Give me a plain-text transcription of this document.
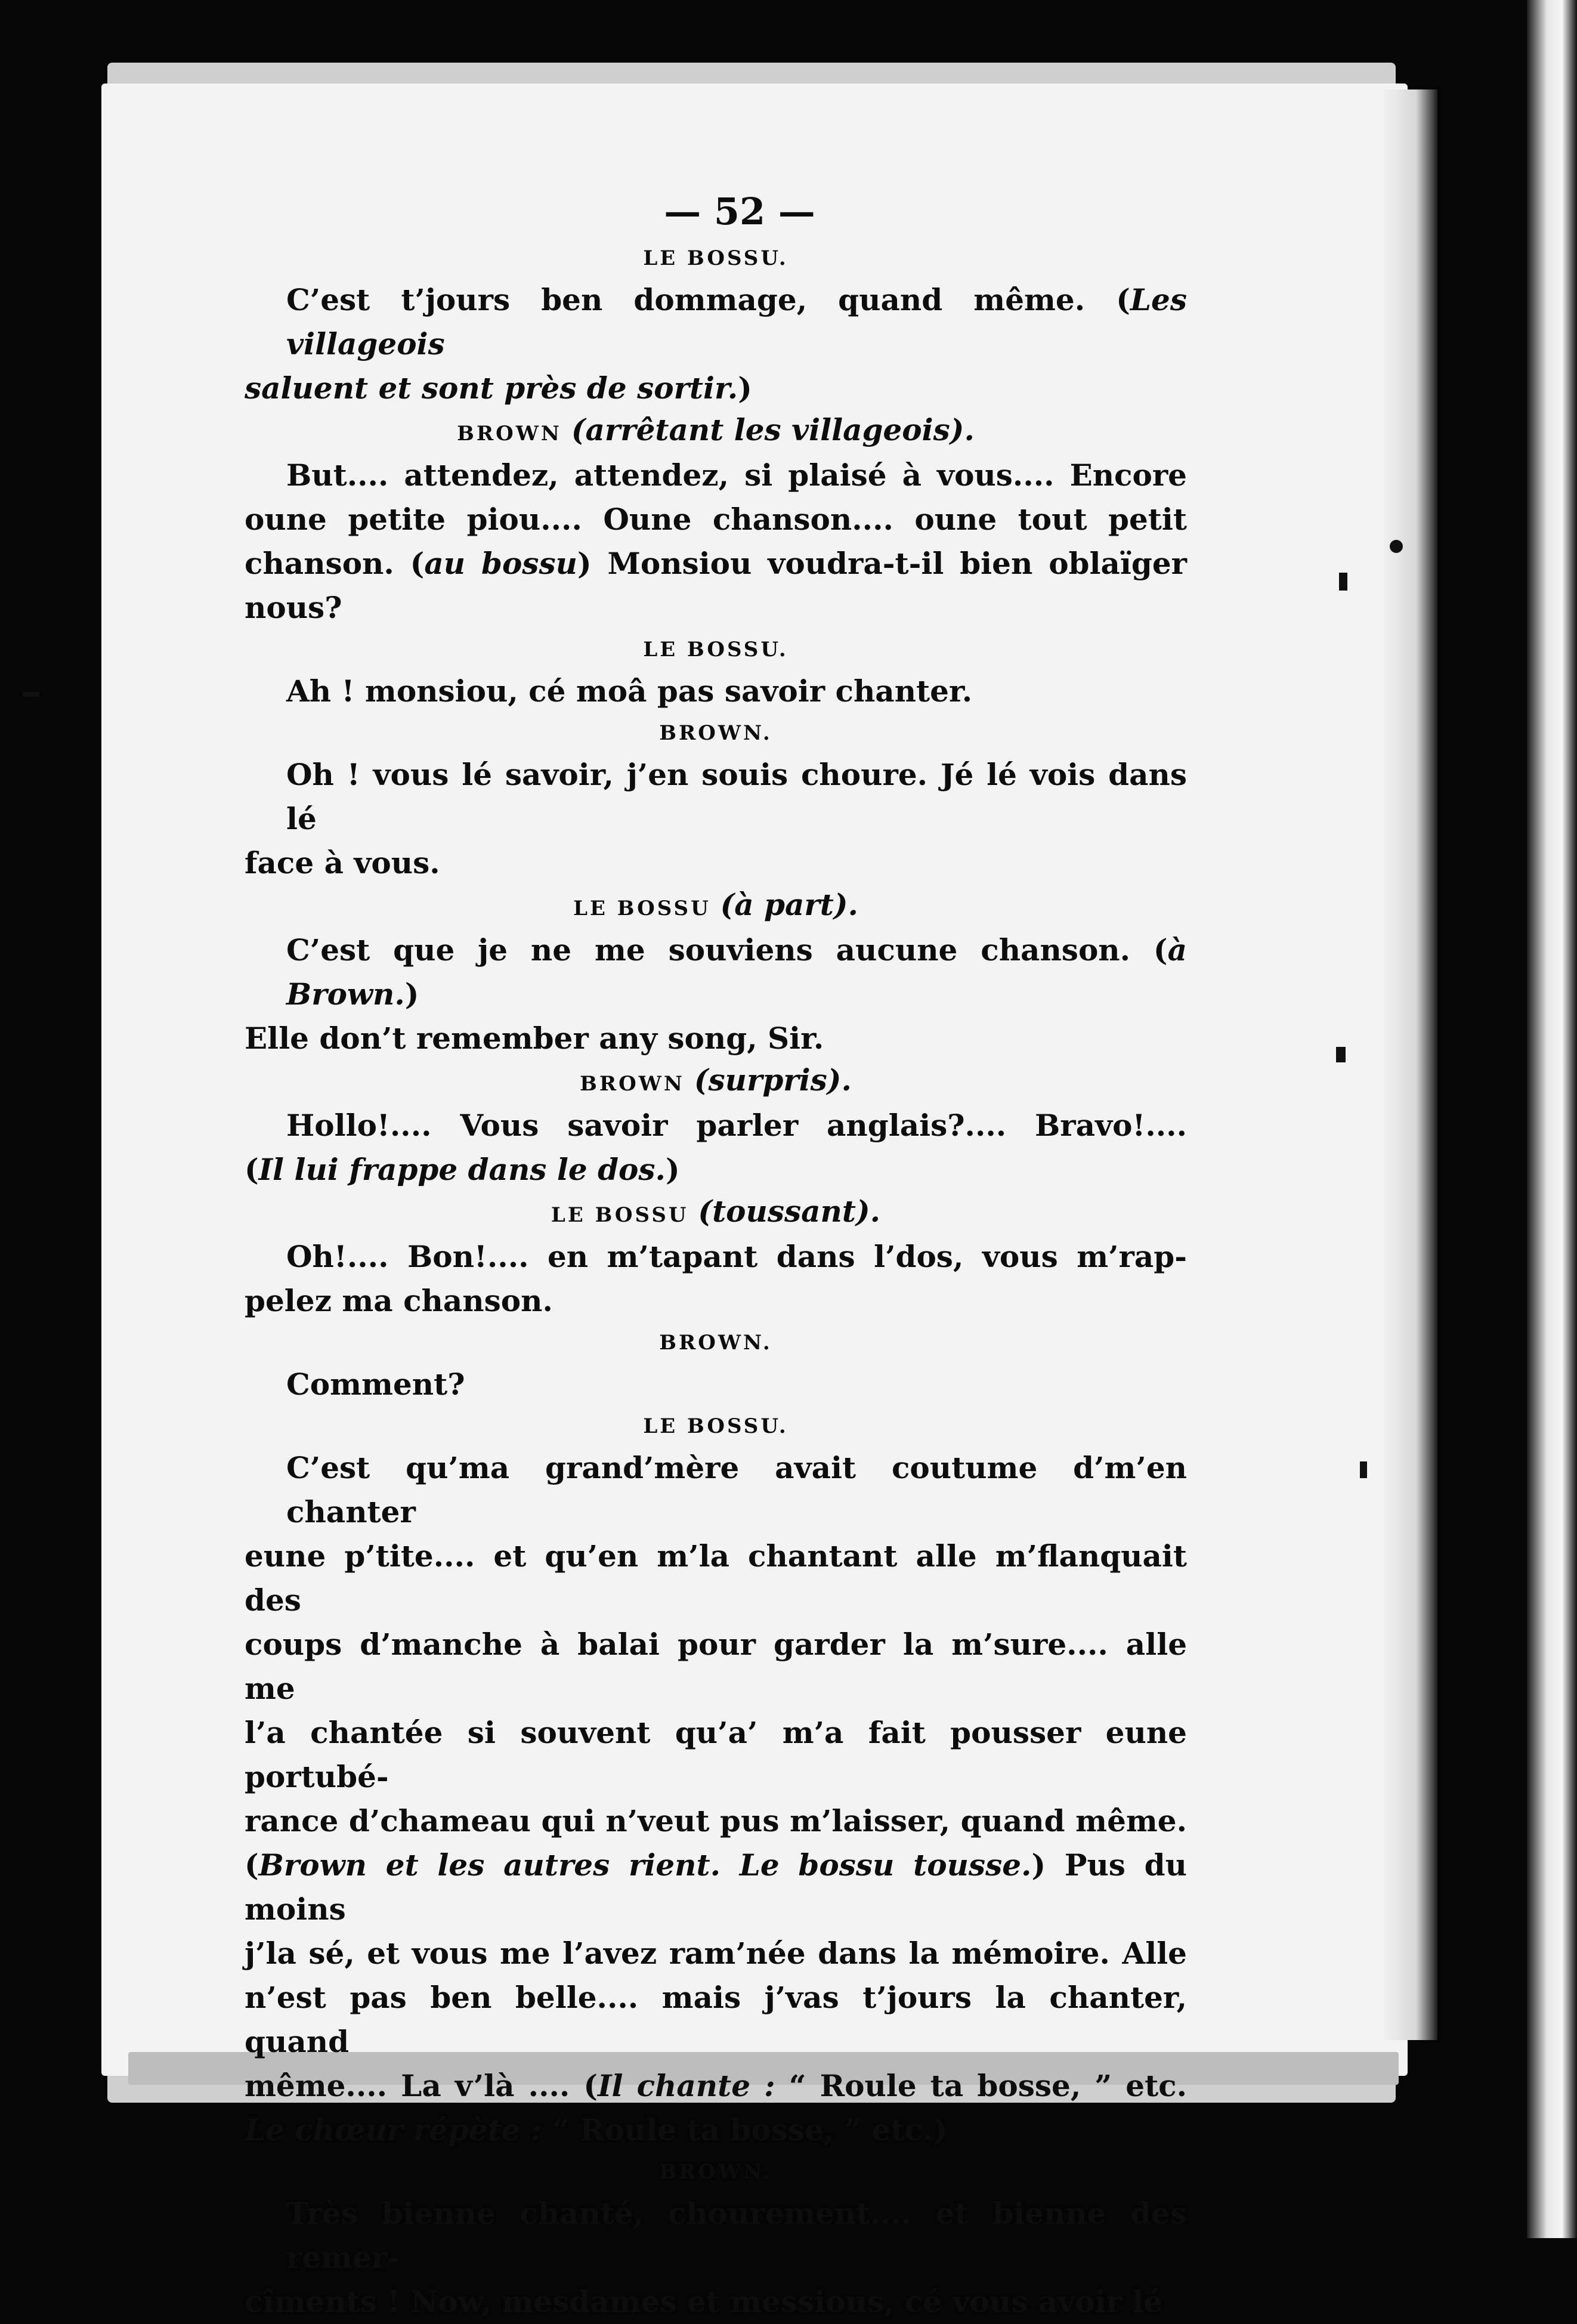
— 52 —
LE BOSSU.
C’est t’jours ben dommage, quand même. (Les villageois
saluent et sont près de sortir.)
BROWN (arrêtant les villageois).
But.... attendez, attendez, si plaisé à vous.... Encore
oune petite piou.... Oune chanson.... oune tout petit
chanson. (au bossu) Monsiou voudra-t-il bien oblaïger nous?
LE BOSSU.
Ah ! monsiou, cé moâ pas savoir chanter.
BROWN.
Oh ! vous lé savoir, j’en souis choure. Jé lé vois dans lé
face à vous.
LE BOSSU (à part).
C’est que je ne me souviens aucune chanson. (à Brown.)
Elle don’t remember any song, Sir.
BROWN (surpris).
Hollo!.... Vous savoir parler anglais?.... Bravo!....
(Il lui frappe dans le dos.)
LE BOSSU (toussant).
Oh!.... Bon!.... en m’tapant dans l’dos, vous m’rap-
pelez ma chanson.
BROWN.
Comment?
LE BOSSU.
C’est qu’ma grand’mère avait coutume d’m’en chanter
eune p’tite.... et qu’en m’la chantant alle m’flanquait des
coups d’manche à balai pour garder la m’sure.... alle me
l’a chantée si souvent qu’a’ m’a fait pousser eune portubé-
rance d’chameau qui n’veut pus m’laisser, quand même.
(Brown et les autres rient. Le bossu tousse.) Pus du moins
j’la sé, et vous me l’avez ram’née dans la mémoire. Alle
n’est pas ben belle.... mais j’vas t’jours la chanter, quand
même.... La v’là .... (Il chante : “ Roule ta bosse, ” etc.
Le chœur répète : “ Roule ta bosse, ” etc.)
BROWN.
Très bienne chanté, chourement.... et bienne des remer-
cîments ! Now, mesdames et messious, cé vous avoir lé
